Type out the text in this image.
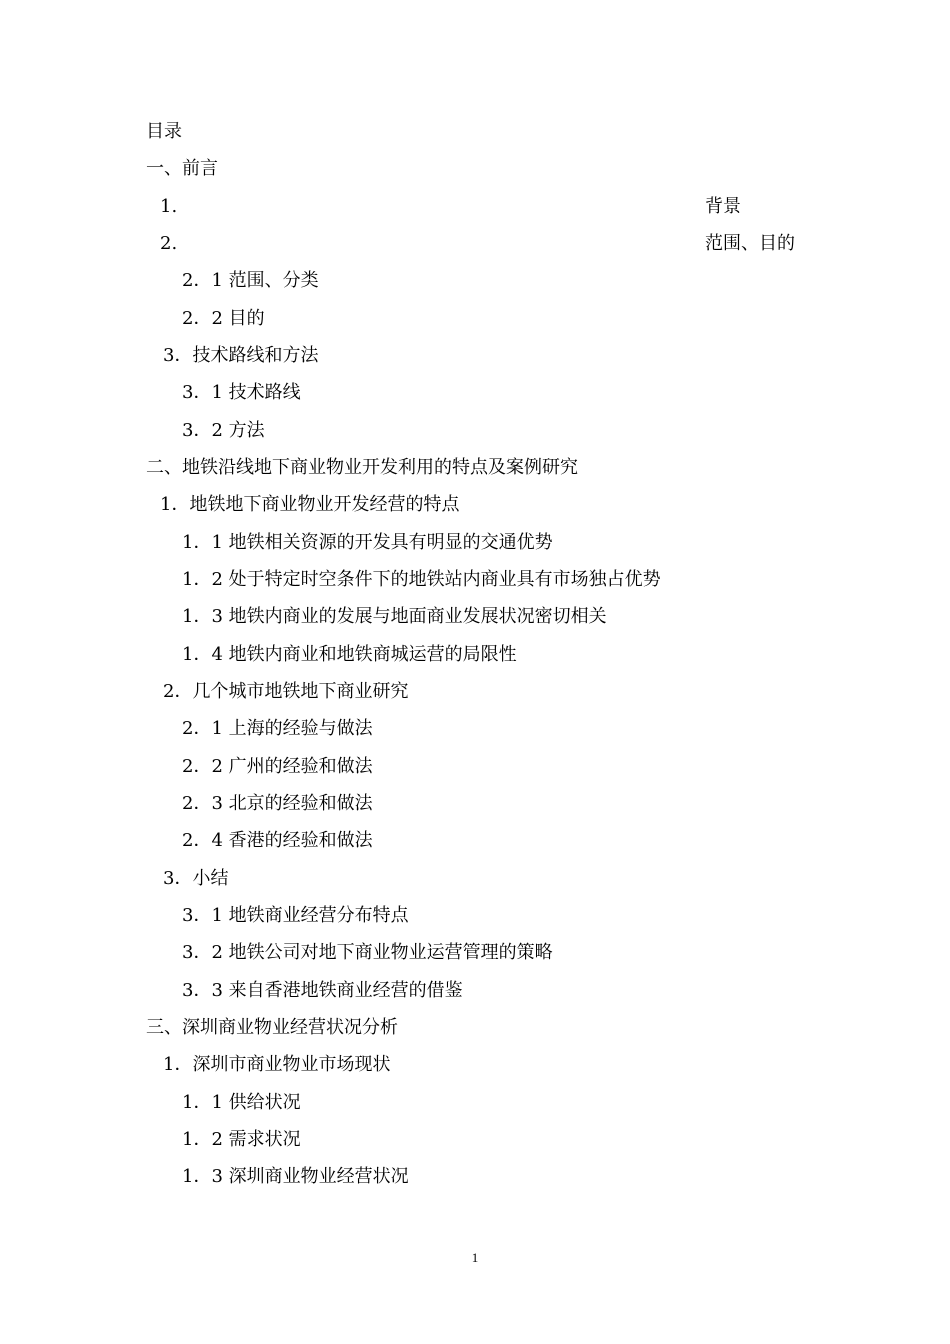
目录
一、前言
1.	背景
2.	范围、目的
2．1 范围、分类
2．2 目的
3．技术路线和方法
3．1 技术路线
3．2 方法
二、地铁沿线地下商业物业开发利用的特点及案例研究
1．地铁地下商业物业开发经营的特点
1．1 地铁相关资源的开发具有明显的交通优势
1．2 处于特定时空条件下的地铁站内商业具有市场独占优势
1．3 地铁内商业的发展与地面商业发展状况密切相关
1．4 地铁内商业和地铁商城运营的局限性
2．几个城市地铁地下商业研究
2．1 上海的经验与做法
2．2 广州的经验和做法
2．3 北京的经验和做法
2．4 香港的经验和做法
3．小结
3．1 地铁商业经营分布特点
3．2 地铁公司对地下商业物业运营管理的策略
3．3 来自香港地铁商业经营的借鉴
三、深圳商业物业经营状况分析
1．深圳市商业物业市场现状
1．1 供给状况
1．2 需求状况
1．3 深圳商业物业经营状况
1
